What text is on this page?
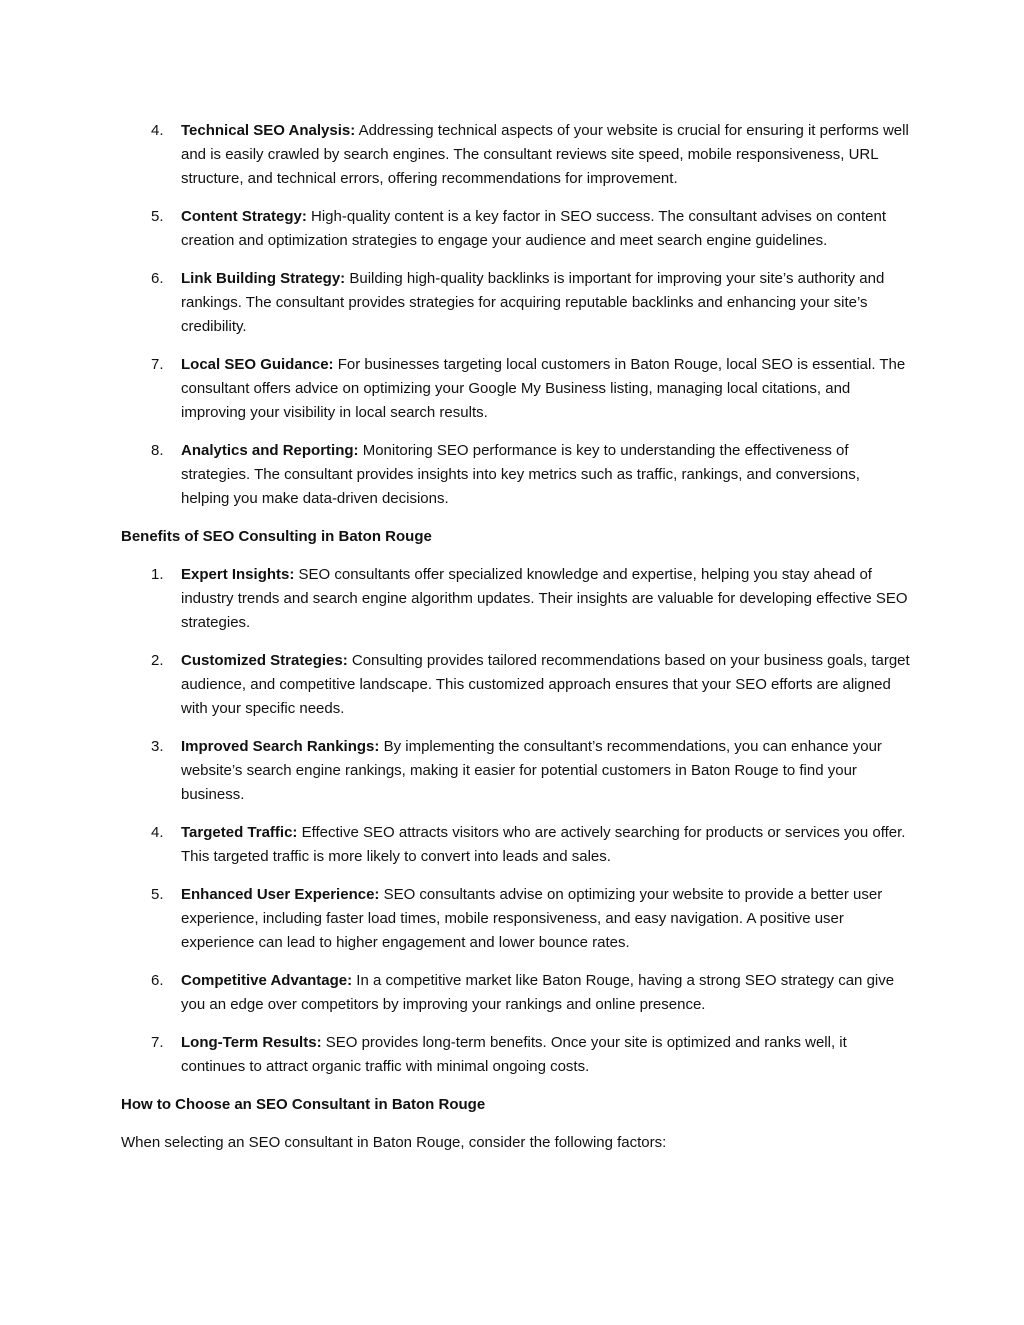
4. Technical SEO Analysis: Addressing technical aspects of your website is crucial for ensuring it performs well and is easily crawled by search engines. The consultant reviews site speed, mobile responsiveness, URL structure, and technical errors, offering recommendations for improvement.
5. Content Strategy: High-quality content is a key factor in SEO success. The consultant advises on content creation and optimization strategies to engage your audience and meet search engine guidelines.
6. Link Building Strategy: Building high-quality backlinks is important for improving your site’s authority and rankings. The consultant provides strategies for acquiring reputable backlinks and enhancing your site’s credibility.
7. Local SEO Guidance: For businesses targeting local customers in Baton Rouge, local SEO is essential. The consultant offers advice on optimizing your Google My Business listing, managing local citations, and improving your visibility in local search results.
8. Analytics and Reporting: Monitoring SEO performance is key to understanding the effectiveness of strategies. The consultant provides insights into key metrics such as traffic, rankings, and conversions, helping you make data-driven decisions.
Benefits of SEO Consulting in Baton Rouge
1. Expert Insights: SEO consultants offer specialized knowledge and expertise, helping you stay ahead of industry trends and search engine algorithm updates. Their insights are valuable for developing effective SEO strategies.
2. Customized Strategies: Consulting provides tailored recommendations based on your business goals, target audience, and competitive landscape. This customized approach ensures that your SEO efforts are aligned with your specific needs.
3. Improved Search Rankings: By implementing the consultant’s recommendations, you can enhance your website’s search engine rankings, making it easier for potential customers in Baton Rouge to find your business.
4. Targeted Traffic: Effective SEO attracts visitors who are actively searching for products or services you offer. This targeted traffic is more likely to convert into leads and sales.
5. Enhanced User Experience: SEO consultants advise on optimizing your website to provide a better user experience, including faster load times, mobile responsiveness, and easy navigation. A positive user experience can lead to higher engagement and lower bounce rates.
6. Competitive Advantage: In a competitive market like Baton Rouge, having a strong SEO strategy can give you an edge over competitors by improving your rankings and online presence.
7. Long-Term Results: SEO provides long-term benefits. Once your site is optimized and ranks well, it continues to attract organic traffic with minimal ongoing costs.
How to Choose an SEO Consultant in Baton Rouge

When selecting an SEO consultant in Baton Rouge, consider the following factors:
